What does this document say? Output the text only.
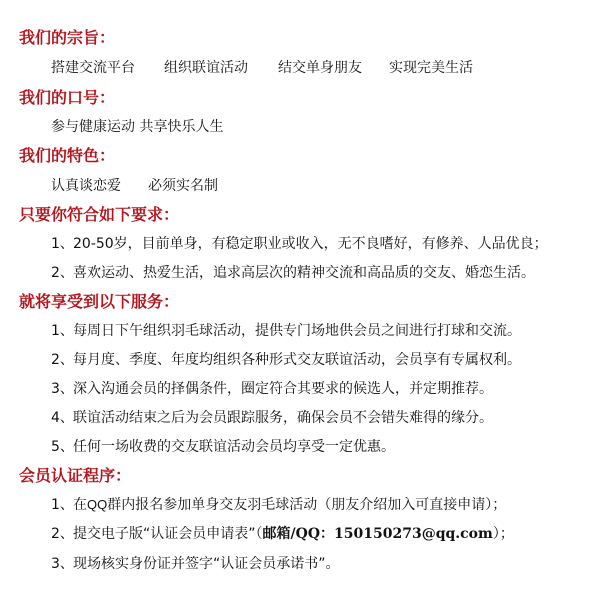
我们的宗旨：
搭建交流平台 组织联谊活动 结交单身朋友 实现完美生活
我们的口号：
参与健康运动 共享快乐人生
我们的特色：
认真谈恋爱 必须实名制
只要你符合如下要求：
1、20-50岁，目前单身，有稳定职业或收入，无不良嗜好，有修养、人品优良；
2、喜欢运动、热爱生活，追求高层次的精神交流和高品质的交友、婚恋生活。
就将享受到以下服务：
1、每周日下午组织羽毛球活动，提供专门场地供会员之间进行打球和交流。
2、每月度、季度、年度均组织各种形式交友联谊活动，会员享有专属权利。
3、深入沟通会员的择偶条件，圈定符合其要求的候选人，并定期推荐。
4、联谊活动结束之后为会员跟踪服务，确保会员不会错失难得的缘分。
5、任何一场收费的交友联谊活动会员均享受一定优惠。
会员认证程序：
1、在QQ群内报名参加单身交友羽毛球活动（朋友介绍加入可直接申请）；
2、提交电子版“认证会员申请表”（邮箱/QQ：150150273@qq.com）；
3、现场核实身份证并签字“认证会员承诺书”。
